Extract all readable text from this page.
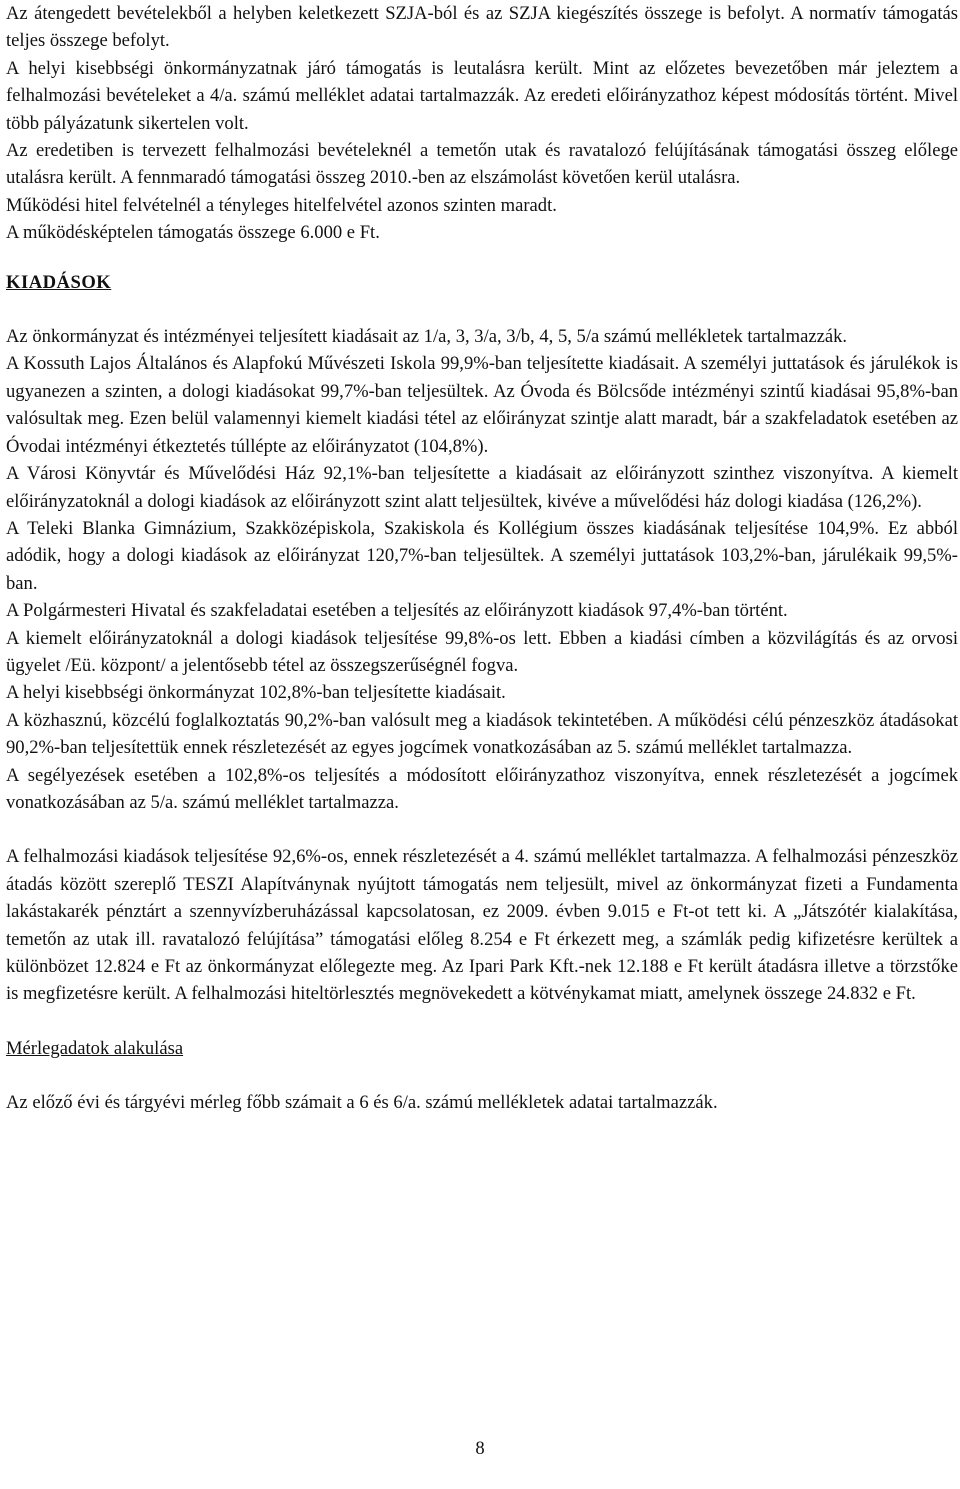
Az átengedett bevételekből a helyben keletkezett SZJA-ból és az SZJA kiegészítés összege is befolyt. A normatív támogatás teljes összege befolyt.

A helyi kisebbségi önkormányzatnak járó támogatás is leutalásra került. Mint az előzetes bevezetőben már jeleztem a felhalmozási bevételeket a 4/a. számú melléklet adatai tartalmazzák. Az eredeti előirányzathoz képest módosítás történt. Mivel több pályázatunk sikertelen volt.

Az eredetiben is tervezett felhalmozási bevételeknél a temetőn utak és ravatalozó felújításának támogatási összeg előlege utalásra került. A fennmaradó támogatási összeg 2010.-ben az elszámolást követően kerül utalásra.

Működési hitel felvételnél a tényleges hitelfelvétel azonos szinten maradt.

A működésképtelen támogatás összege 6.000 e Ft.

KIADÁSOK

Az önkormányzat és intézményei teljesített kiadásait az 1/a, 3, 3/a, 3/b, 4, 5, 5/a számú mellékletek tartalmazzák.

A Kossuth Lajos Általános és Alapfokú Művészeti Iskola 99,9%-ban teljesítette kiadásait. A személyi juttatások és járulékok is ugyanezen a szinten, a dologi kiadásokat 99,7%-ban teljesültek. Az Óvoda és Bölcsőde intézményi szintű kiadásai 95,8%-ban valósultak meg. Ezen belül valamennyi kiemelt kiadási tétel az előirányzat szintje alatt maradt, bár a szakfeladatok esetében az Óvodai intézményi étkeztetés túllépte az előirányzatot (104,8%).

A Városi Könyvtár és Művelődési Ház 92,1%-ban teljesítette a kiadásait az előirányzott szinthez viszonyítva. A kiemelt előirányzatoknál a dologi kiadások az előirányzott szint alatt teljesültek, kivéve a művelődési ház dologi kiadása (126,2%).

A Teleki Blanka Gimnázium, Szakközépiskola, Szakiskola és Kollégium összes kiadásának teljesítése 104,9%. Ez abból adódik, hogy a dologi kiadások az előirányzat 120,7%-ban teljesültek. A személyi juttatások 103,2%-ban, járulékaik 99,5%-ban.

A Polgármesteri Hivatal és szakfeladatai esetében a teljesítés az előirányzott kiadások 97,4%-ban történt.

A kiemelt előirányzatoknál a dologi kiadások teljesítése 99,8%-os lett. Ebben a kiadási címben a közvilágítás és az orvosi ügyelet /Eü. központ/ a jelentősebb tétel az összegszerűségnél fogva.

A helyi kisebbségi önkormányzat 102,8%-ban teljesítette kiadásait.

A közhasznú, közcélú foglalkoztatás 90,2%-ban valósult meg a kiadások tekintetében. A működési célú pénzeszköz átadásokat 90,2%-ban teljesítettük ennek részletezését az egyes jogcímek vonatkozásában az 5. számú melléklet tartalmazza.

A segélyezések esetében a 102,8%-os teljesítés a módosított előirányzathoz viszonyítva, ennek részletezését a jogcímek vonatkozásában az 5/a. számú melléklet tartalmazza.

A felhalmozási kiadások teljesítése 92,6%-os, ennek részletezését a 4. számú melléklet tartalmazza. A felhalmozási pénzeszköz átadás között szereplő TESZI Alapítványnak nyújtott támogatás nem teljesült, mivel az önkormányzat fizeti a Fundamenta lakástakarék pénztárt a szennyvízberuházással kapcsolatosan, ez 2009. évben 9.015 e Ft-ot tett ki. A „Játszótér kialakítása, temetőn az utak ill. ravatalozó felújítása” támogatási előleg 8.254 e Ft érkezett meg, a számlák pedig kifizetésre kerültek a különbözet 12.824 e Ft az önkormányzat előlegezte meg. Az Ipari Park Kft.-nek 12.188 e Ft került átadásra illetve a törzstőke is megfizetésre került. A felhalmozási hiteltörlesztés megnövekedett a kötvénykamat miatt, amelynek összege 24.832 e Ft.

Mérlegadatok alakulása

Az előző évi és tárgyévi mérleg főbb számait a 6 és 6/a. számú mellékletek adatai tartalmazzák.

8
